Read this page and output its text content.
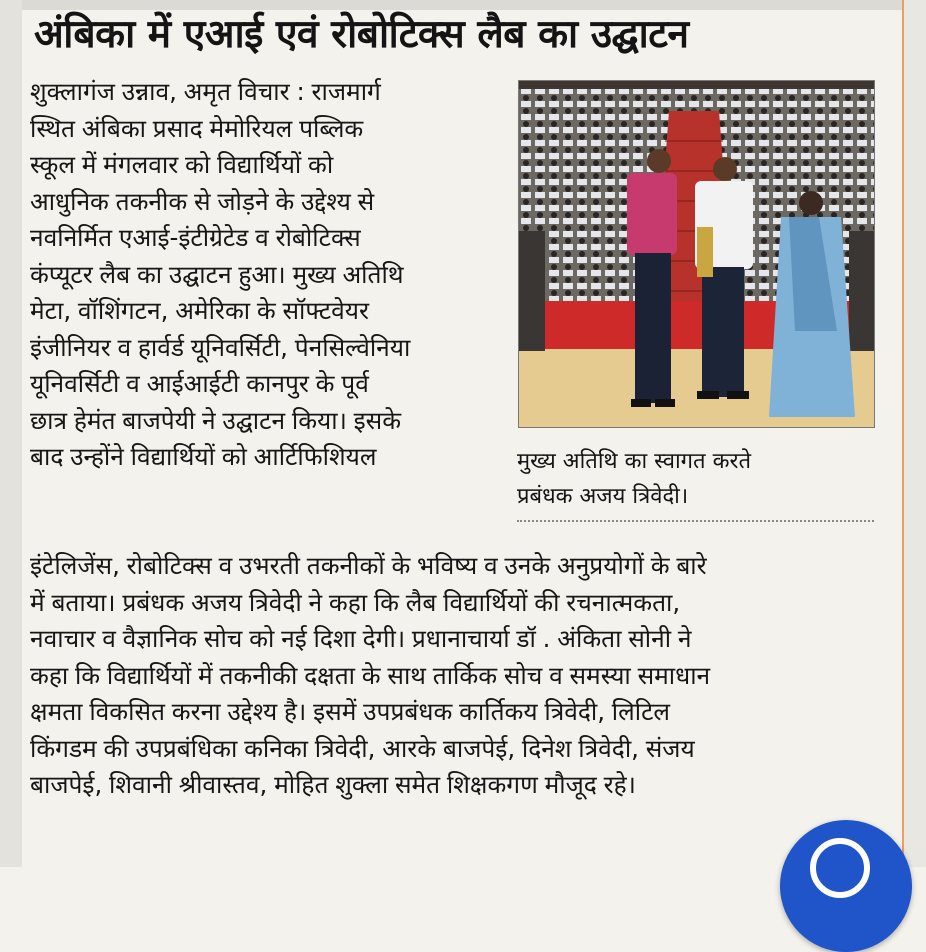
अंबिका में एआई एवं रोबोटिक्स लैब का उद्घाटन
शुक्लागंज उन्नाव, अमृत विचार : राजमार्ग
स्थित अंबिका प्रसाद मेमोरियल पब्लिक
स्कूल में मंगलवार को विद्यार्थियों को
आधुनिक तकनीक से जोड़ने के उद्देश्य से
नवनिर्मित एआई-इंटीग्रेटेड व रोबोटिक्स
कंप्यूटर लैब का उद्घाटन हुआ। मुख्य अतिथि
मेटा, वॉशिंगटन, अमेरिका के सॉफ्टवेयर
इंजीनियर व हार्वर्ड यूनिवर्सिटी, पेनसिल्वेनिया
यूनिवर्सिटी व आईआईटी कानपुर के पूर्व
छात्र हेमंत बाजपेयी ने उद्घाटन किया। इसके
बाद उन्होंने विद्यार्थियों को आर्टिफिशियल	मुख्य अतिथि का स्वागत करते
प्रबंधक अजय त्रिवेदी।
इंटेलिजेंस, रोबोटिक्स व उभरती तकनीकों के भविष्य व उनके अनुप्रयोगों के बारे
में बताया। प्रबंधक अजय त्रिवेदी ने कहा कि लैब विद्यार्थियों की रचनात्मकता,
नवाचार व वैज्ञानिक सोच को नई दिशा देगी। प्रधानाचार्या डॉ . अंकिता सोनी ने
कहा कि विद्यार्थियों में तकनीकी दक्षता के साथ तार्किक सोच व समस्या समाधान
क्षमता विकसित करना उद्देश्य है। इसमें उपप्रबंधक कार्तिकय त्रिवेदी, लिटिल
किंगडम की उपप्रबंधिका कनिका त्रिवेदी, आरके बाजपेई, दिनेश त्रिवेदी, संजय
बाजपेई, शिवानी श्रीवास्तव, मोहित शुक्ला समेत शिक्षकगण मौजूद रहे।
